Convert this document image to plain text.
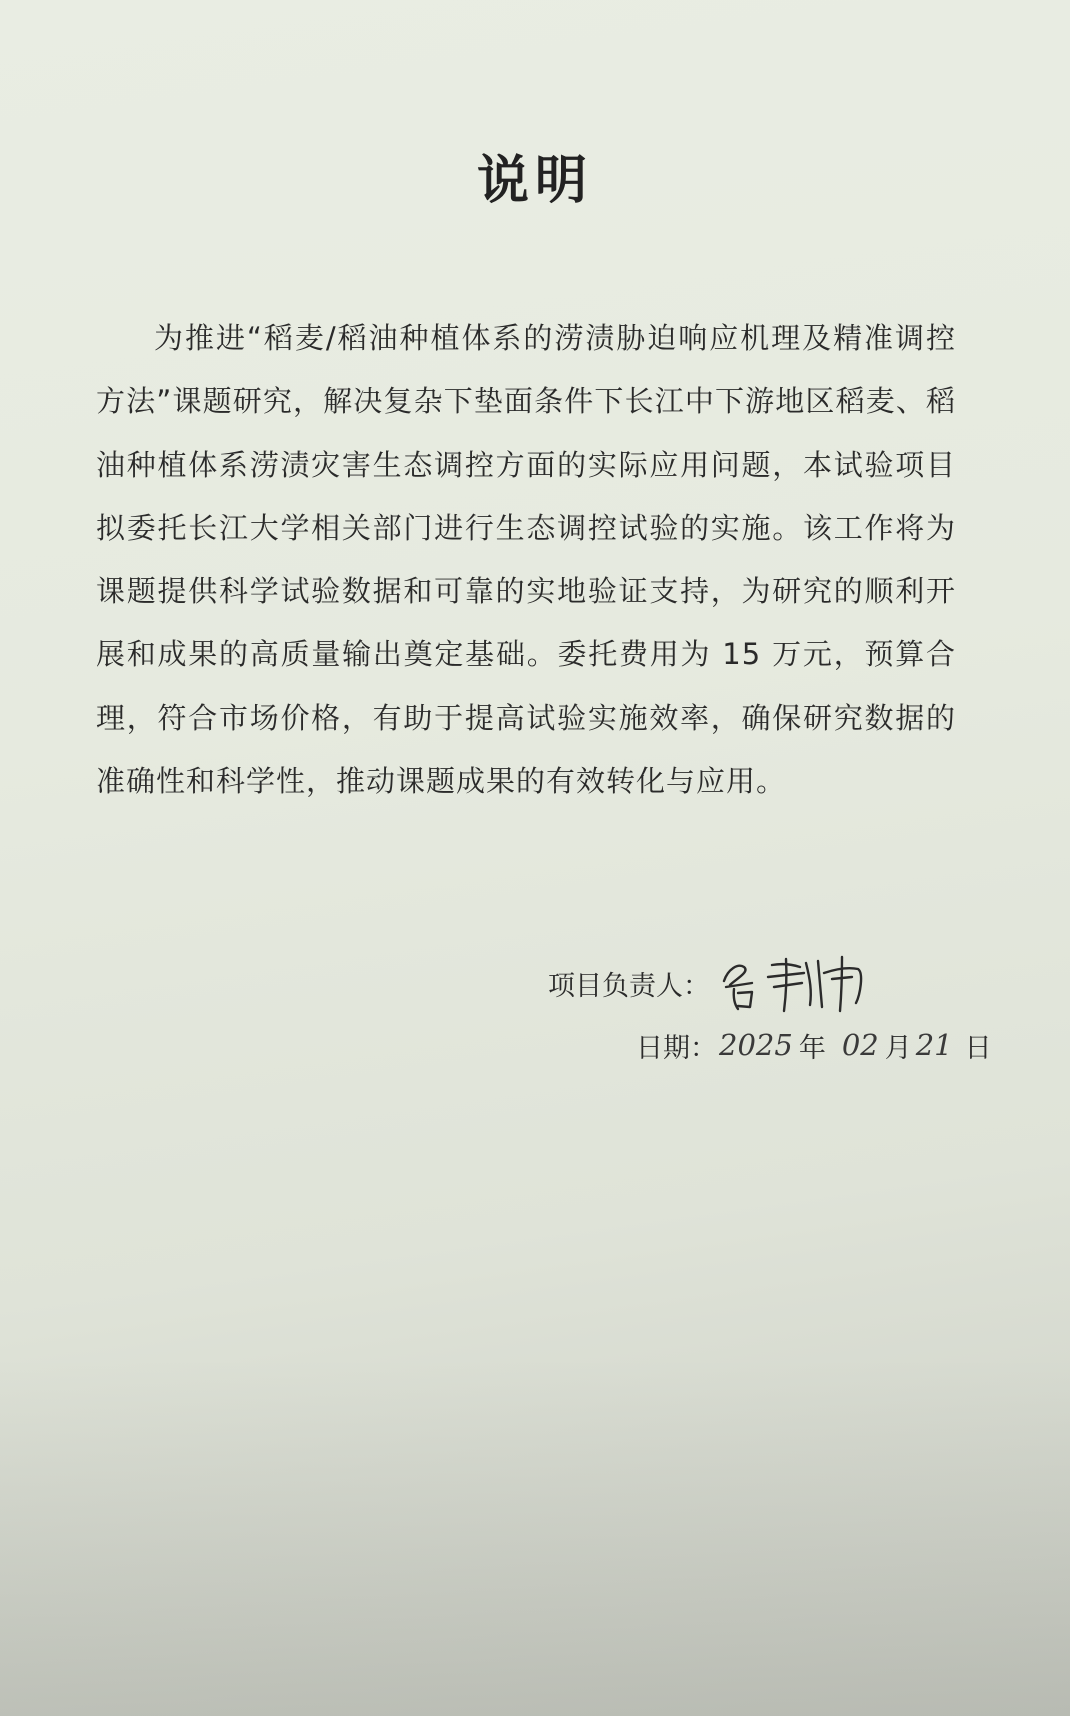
说明

为推进“稻麦/稻油种植体系的涝渍胁迫响应机理及精准调控方法”课题研究，解决复杂下垫面条件下长江中下游地区稻麦、稻油种植体系涝渍灾害生态调控方面的实际应用问题，本试验项目拟委托长江大学相关部门进行生态调控试验的实施。该工作将为课题提供科学试验数据和可靠的实地验证支持，为研究的顺利开展和成果的高质量输出奠定基础。委托费用为 15 万元，预算合理，符合市场价格，有助于提高试验实施效率，确保研究数据的准确性和科学性，推动课题成果的有效转化与应用。

项目负责人：
日期： 2025 年 02 月 21 日
